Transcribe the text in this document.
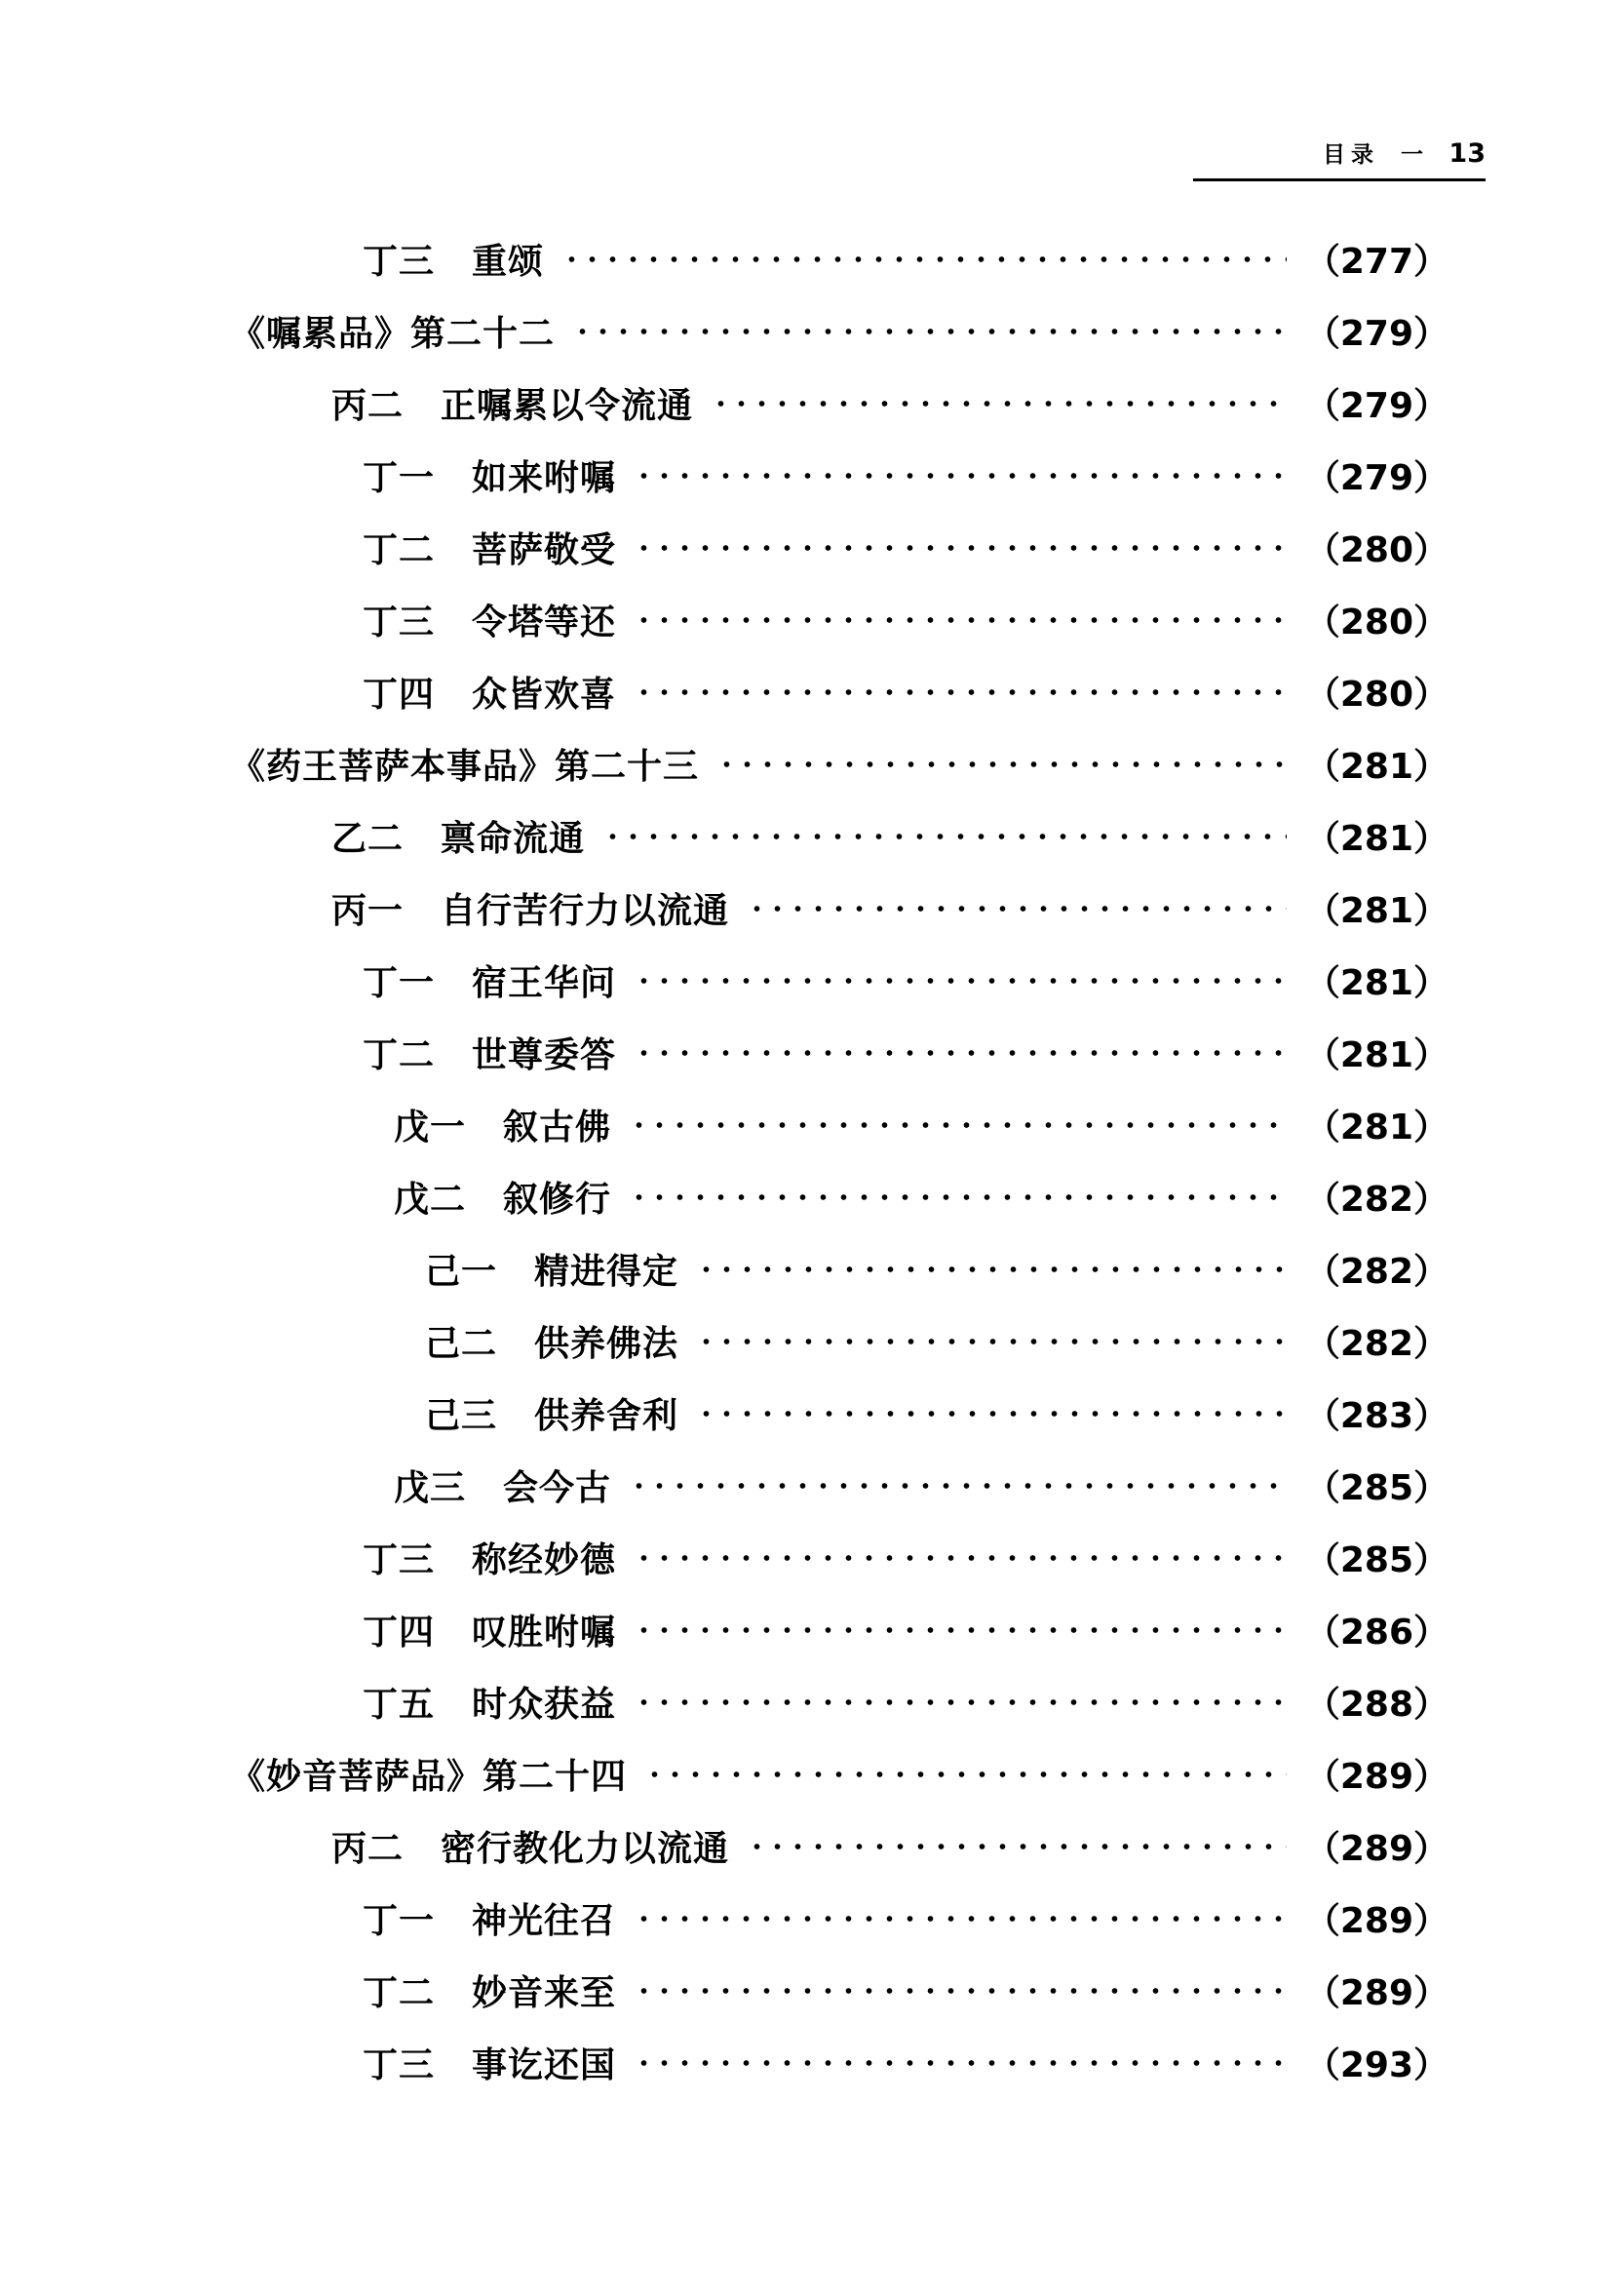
目录 一 13
丁三 重颂	（277）
《嘱累品》第二十二	（279）
丙二 正嘱累以令流通	（279）
丁一 如来咐嘱	（279）
丁二 菩萨敬受	（280）
丁三 令塔等还	（280）
丁四 众皆欢喜	（280）
《药王菩萨本事品》第二十三	（281）
乙二 禀命流通	（281）
丙一 自行苦行力以流通	（281）
丁一 宿王华问	（281）
丁二 世尊委答	（281）
戊一 叙古佛	（281）
戊二 叙修行	（282）
己一 精进得定	（282）
己二 供养佛法	（282）
己三 供养舍利	（283）
戊三 会今古	（285）
丁三 称经妙德	（285）
丁四 叹胜咐嘱	（286）
丁五 时众获益	（288）
《妙音菩萨品》第二十四	（289）
丙二 密行教化力以流通	（289）
丁一 神光往召	（289）
丁二 妙音来至	（289）
丁三 事讫还国	（293）
